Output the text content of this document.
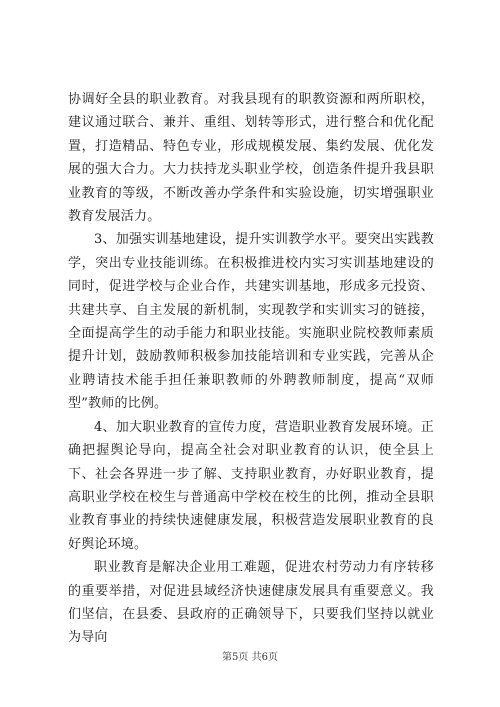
协调好全县的职业教育。对我县现有的职教资源和两所职校，建议通过联合、兼并、重组、划转等形式，进行整合和优化配置，打造精品、特色专业，形成规模发展、集约发展、优化发展的强大合力。大力扶持龙头职业学校，创造条件提升我县职业教育的等级，不断改善办学条件和实验设施，切实增强职业教育发展活力。

3、加强实训基地建设，提升实训教学水平。要突出实践教学，突出专业技能训练。在积极推进校内实习实训基地建设的同时，促进学校与企业合作，共建实训基地，形成多元投资、共建共享、自主发展的新机制，实现教学和实训实习的链接，全面提高学生的动手能力和职业技能。实施职业院校教师素质提升计划，鼓励教师积极参加技能培训和专业实践，完善从企业聘请技术能手担任兼职教师的外聘教师制度，提高“双师型”教师的比例。

4、加大职业教育的宣传力度，营造职业教育发展环境。正确把握舆论导向，提高全社会对职业教育的认识，使全县上下、社会各界进一步了解、支持职业教育，办好职业教育，提高职业学校在校生与普通高中学校在校生的比例，推动全县职业教育事业的持续快速健康发展，积极营造发展职业教育的良好舆论环境。

职业教育是解决企业用工难题，促进农村劳动力有序转移的重要举措，对促进县域经济快速健康发展具有重要意义。我们坚信，在县委、县政府的正确领导下，只要我们坚持以就业为导向

第5页 共6页
